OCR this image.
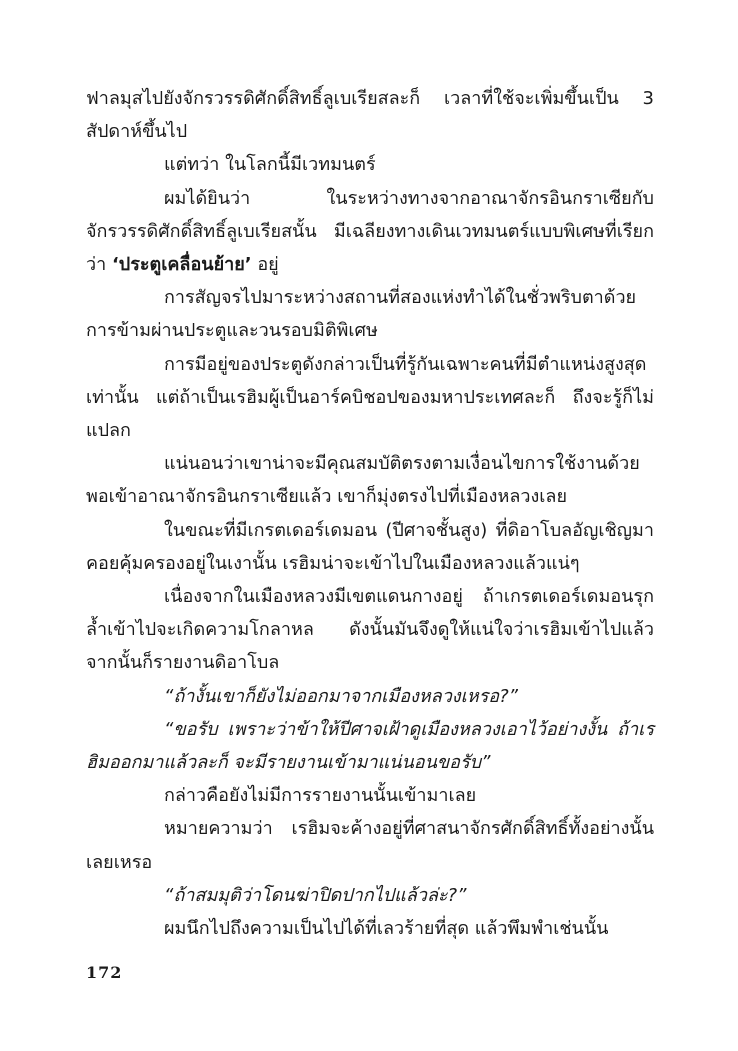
ฟาลมุสไปยังจักรวรรดิศักดิ์สิทธิ์ลูเบเรียสละก็ เวลาที่ใช้จะเพิ่มขึ้นเป็น 3 สัปดาห์ขึ้นไป

แต่ทว่า ในโลกนี้มีเวทมนตร์

ผมได้ยินว่า ในระหว่างทางจากอาณาจักรอินกราเซียกับจักรวรรดิศักดิ์สิทธิ์ลูเบเรียสนั้น มีเฉลียงทางเดินเวทมนตร์แบบพิเศษที่เรียกว่า ‘ประตูเคลื่อนย้าย’ อยู่

การสัญจรไปมาระหว่างสถานที่สองแห่งทำได้ในชั่วพริบตาด้วยการข้ามผ่านประตูและวนรอบมิติพิเศษ

การมีอยู่ของประตูดังกล่าวเป็นที่รู้กันเฉพาะคนที่มีตำแหน่งสูงสุดเท่านั้น แต่ถ้าเป็นเรฮิมผู้เป็นอาร์คบิชอปของมหาประเทศละก็ ถึงจะรู้ก็ไม่แปลก

แน่นอนว่าเขาน่าจะมีคุณสมบัติตรงตามเงื่อนไขการใช้งานด้วย พอเข้าอาณาจักรอินกราเซียแล้ว เขาก็มุ่งตรงไปที่เมืองหลวงเลย

ในขณะที่มีเกรตเดอร์เดมอน (ปีศาจชั้นสูง) ที่ดิอาโบลอัญเชิญมาคอยคุ้มครองอยู่ในเงานั้น เรฮิมน่าจะเข้าไปในเมืองหลวงแล้วแน่ๆ

เนื่องจากในเมืองหลวงมีเขตแดนกางอยู่ ถ้าเกรตเดอร์เดมอนรุกล้ำเข้าไปจะเกิดความโกลาหล ดังนั้นมันจึงดูให้แน่ใจว่าเรฮิมเข้าไปแล้วจากนั้นก็รายงานดิอาโบล

“ถ้างั้นเขาก็ยังไม่ออกมาจากเมืองหลวงเหรอ?”

“ขอรับ เพราะว่าข้าให้ปีศาจเฝ้าดูเมืองหลวงเอาไว้อย่างงั้น ถ้าเรฮิมออกมาแล้วละก็ จะมีรายงานเข้ามาแน่นอนขอรับ”

กล่าวคือยังไม่มีการรายงานนั้นเข้ามาเลย

หมายความว่า เรฮิมจะค้างอยู่ที่ศาสนาจักรศักดิ์สิทธิ์ทั้งอย่างนั้นเลยเหรอ

“ถ้าสมมุติว่าโดนฆ่าปิดปากไปแล้วล่ะ?”

ผมนึกไปถึงความเป็นไปได้ที่เลวร้ายที่สุด แล้วพึมพำเช่นนั้น

172
